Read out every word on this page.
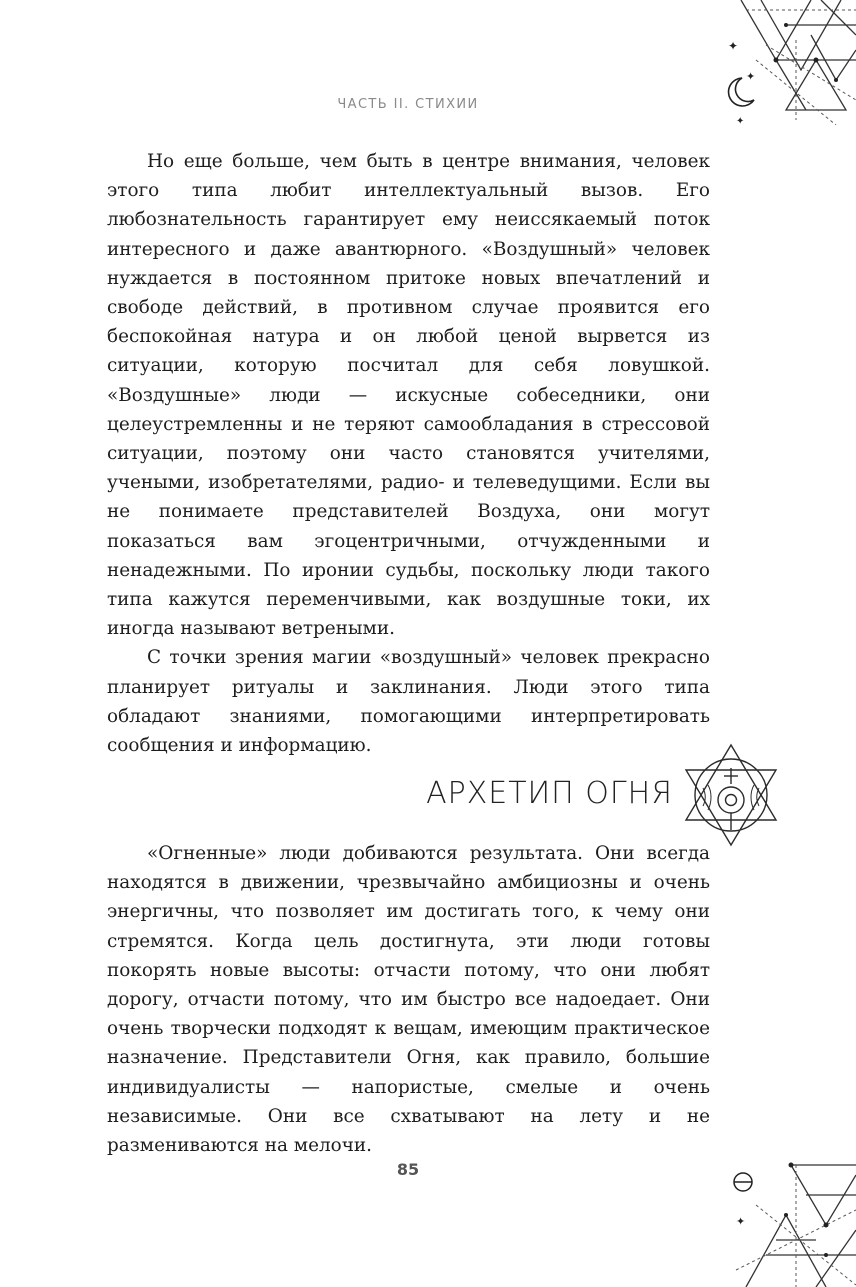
ЧАСТЬ II. СТИХИИ
✦
✦
✦

Но еще больше, чем быть в центре внимания, человек этого типа любит интеллектуальный вызов. Его любознательность гарантирует ему неиссякаемый поток интересного и даже авантюрного. «Воздушный» человек нуждается в постоянном притоке новых впечатлений и свободе действий, в противном случае проявится его беспокойная натура и он любой ценой вырвется из ситуации, которую посчитал для себя ловушкой. «Воздушные» люди — искусные собеседники, они целеустремленны и не теряют самообладания в стрессовой ситуации, поэтому они часто становятся учителями, учеными, изобретателями, радио- и телеведущими. Если вы не понимаете представителей Воздуха, они могут показаться вам эгоцентричными, отчужденными и ненадежными. По иронии судьбы, поскольку люди такого типа кажутся переменчивыми, как воздушные токи, их иногда называют ветреными.

С точки зрения магии «воздушный» человек прекрасно планирует ритуалы и заклинания. Люди этого типа обладают знаниями, помогающими интерпретировать сообщения и информацию.

АРХЕТИП ОГНЯ

«Огненные» люди добиваются результата. Они всегда находятся в движении, чрезвычайно амбициозны и очень энергичны, что позволяет им достигать того, к чему они стремятся. Когда цель достигнута, эти люди готовы покорять новые высоты: отчасти потому, что они любят дорогу, отчасти потому, что им быстро все надоедает. Они очень творчески подходят к вещам, имеющим практическое назначение. Представители Огня, как правило, большие индивидуалисты — напористые, смелые и очень независимые. Они все схватывают на лету и не размениваются на мелочи.

85
✦
